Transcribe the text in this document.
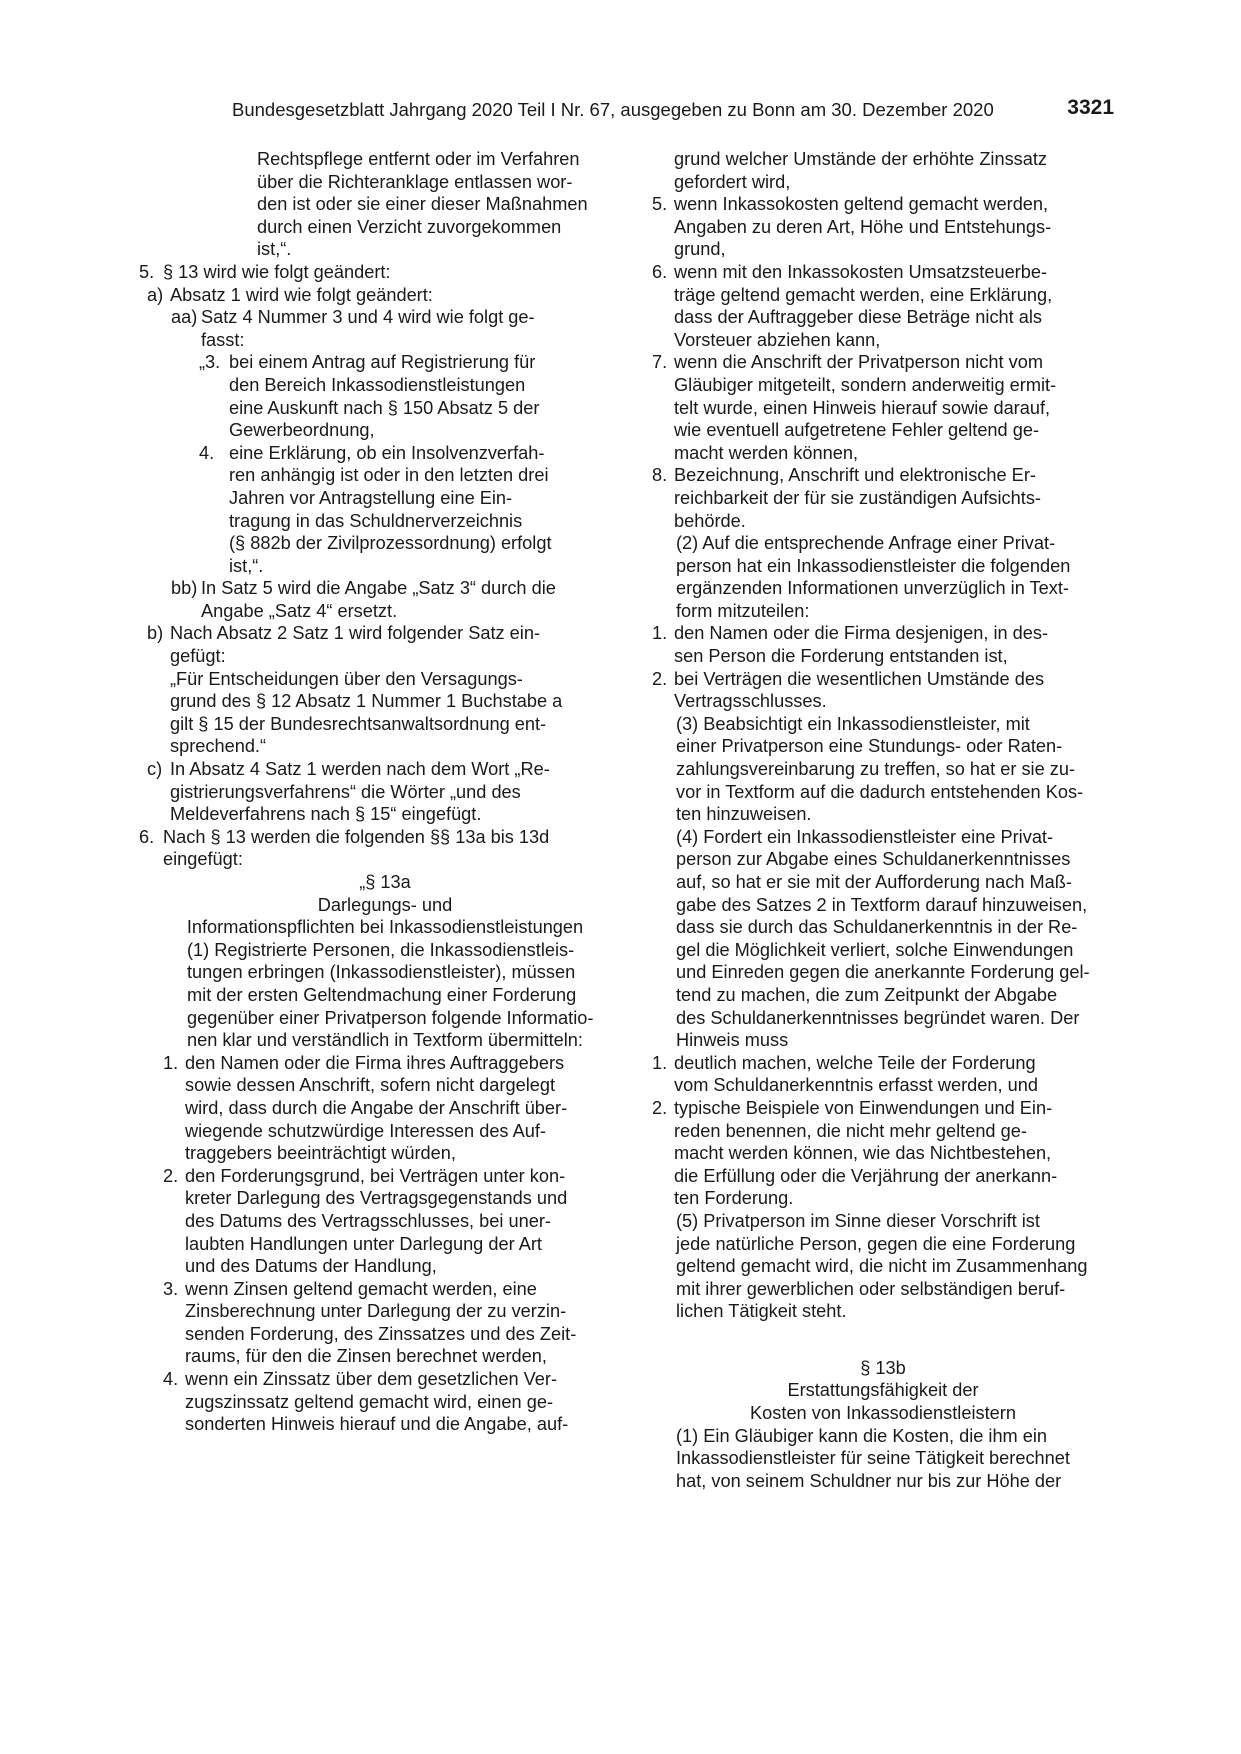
Bundesgesetzblatt Jahrgang 2020 Teil I Nr. 67, ausgegeben zu Bonn am 30. Dezember 2020	3321
Rechtspflege entfernt oder im Verfahren
über die Richteranklage entlassen wor-
den ist oder sie einer dieser Maßnahmen
durch einen Verzicht zuvorgekommen
ist,“.
5. § 13 wird wie folgt geändert:
a) Absatz 1 wird wie folgt geändert:
aa) Satz 4 Nummer 3 und 4 wird wie folgt ge-
fasst:
„3. bei einem Antrag auf Registrierung für
den Bereich Inkassodienstleistungen
eine Auskunft nach § 150 Absatz 5 der
Gewerbeordnung,
4. eine Erklärung, ob ein Insolvenzverfah-
ren anhängig ist oder in den letzten drei
Jahren vor Antragstellung eine Ein-
tragung in das Schuldnerverzeichnis
(§ 882b der Zivilprozessordnung) erfolgt
ist,“.
bb) In Satz 5 wird die Angabe „Satz 3“ durch die
Angabe „Satz 4“ ersetzt.
b) Nach Absatz 2 Satz 1 wird folgender Satz ein-
gefügt:
„Für Entscheidungen über den Versagungs-
grund des § 12 Absatz 1 Nummer 1 Buchstabe a
gilt § 15 der Bundesrechtsanwaltsordnung ent-
sprechend.“
c) In Absatz 4 Satz 1 werden nach dem Wort „Re-
gistrierungsverfahrens“ die Wörter „und des
Meldeverfahrens nach § 15“ eingefügt.
6. Nach § 13 werden die folgenden §§ 13a bis 13d
eingefügt:
„§ 13a
Darlegungs- und
Informationspflichten bei Inkassodienstleistungen
(1) Registrierte Personen, die Inkassodienstleis-
tungen erbringen (Inkassodienstleister), müssen
mit der ersten Geltendmachung einer Forderung
gegenüber einer Privatperson folgende Informatio-
nen klar und verständlich in Textform übermitteln:
1. den Namen oder die Firma ihres Auftraggebers
sowie dessen Anschrift, sofern nicht dargelegt
wird, dass durch die Angabe der Anschrift über-
wiegende schutzwürdige Interessen des Auf-
traggebers beeinträchtigt würden,
2. den Forderungsgrund, bei Verträgen unter kon-
kreter Darlegung des Vertragsgegenstands und
des Datums des Vertragsschlusses, bei uner-
laubten Handlungen unter Darlegung der Art
und des Datums der Handlung,
3. wenn Zinsen geltend gemacht werden, eine
Zinsberechnung unter Darlegung der zu verzin-
senden Forderung, des Zinssatzes und des Zeit-
raums, für den die Zinsen berechnet werden,
4. wenn ein Zinssatz über dem gesetzlichen Ver-
zugszinssatz geltend gemacht wird, einen ge-
sonderten Hinweis hierauf und die Angabe, auf-
grund welcher Umstände der erhöhte Zinssatz
gefordert wird,
5. wenn Inkassokosten geltend gemacht werden,
Angaben zu deren Art, Höhe und Entstehungs-
grund,
6. wenn mit den Inkassokosten Umsatzsteuerbe-
träge geltend gemacht werden, eine Erklärung,
dass der Auftraggeber diese Beträge nicht als
Vorsteuer abziehen kann,
7. wenn die Anschrift der Privatperson nicht vom
Gläubiger mitgeteilt, sondern anderweitig ermit-
telt wurde, einen Hinweis hierauf sowie darauf,
wie eventuell aufgetretene Fehler geltend ge-
macht werden können,
8. Bezeichnung, Anschrift und elektronische Er-
reichbarkeit der für sie zuständigen Aufsichts-
behörde.
(2) Auf die entsprechende Anfrage einer Privat-
person hat ein Inkassodienstleister die folgenden
ergänzenden Informationen unverzüglich in Text-
form mitzuteilen:
1. den Namen oder die Firma desjenigen, in des-
sen Person die Forderung entstanden ist,
2. bei Verträgen die wesentlichen Umstände des
Vertragsschlusses.
(3) Beabsichtigt ein Inkassodienstleister, mit
einer Privatperson eine Stundungs- oder Raten-
zahlungsvereinbarung zu treffen, so hat er sie zu-
vor in Textform auf die dadurch entstehenden Kos-
ten hinzuweisen.
(4) Fordert ein Inkassodienstleister eine Privat-
person zur Abgabe eines Schuldanerkenntnisses
auf, so hat er sie mit der Aufforderung nach Maß-
gabe des Satzes 2 in Textform darauf hinzuweisen,
dass sie durch das Schuldanerkenntnis in der Re-
gel die Möglichkeit verliert, solche Einwendungen
und Einreden gegen die anerkannte Forderung gel-
tend zu machen, die zum Zeitpunkt der Abgabe
des Schuldanerkenntnisses begründet waren. Der
Hinweis muss
1. deutlich machen, welche Teile der Forderung
vom Schuldanerkenntnis erfasst werden, und
2. typische Beispiele von Einwendungen und Ein-
reden benennen, die nicht mehr geltend ge-
macht werden können, wie das Nichtbestehen,
die Erfüllung oder die Verjährung der anerkann-
ten Forderung.
(5) Privatperson im Sinne dieser Vorschrift ist
jede natürliche Person, gegen die eine Forderung
geltend gemacht wird, die nicht im Zusammenhang
mit ihrer gewerblichen oder selbständigen beruf-
lichen Tätigkeit steht.
§ 13b
Erstattungsfähigkeit der
Kosten von Inkassodienstleistern
(1) Ein Gläubiger kann die Kosten, die ihm ein
Inkassodienstleister für seine Tätigkeit berechnet
hat, von seinem Schuldner nur bis zur Höhe der
